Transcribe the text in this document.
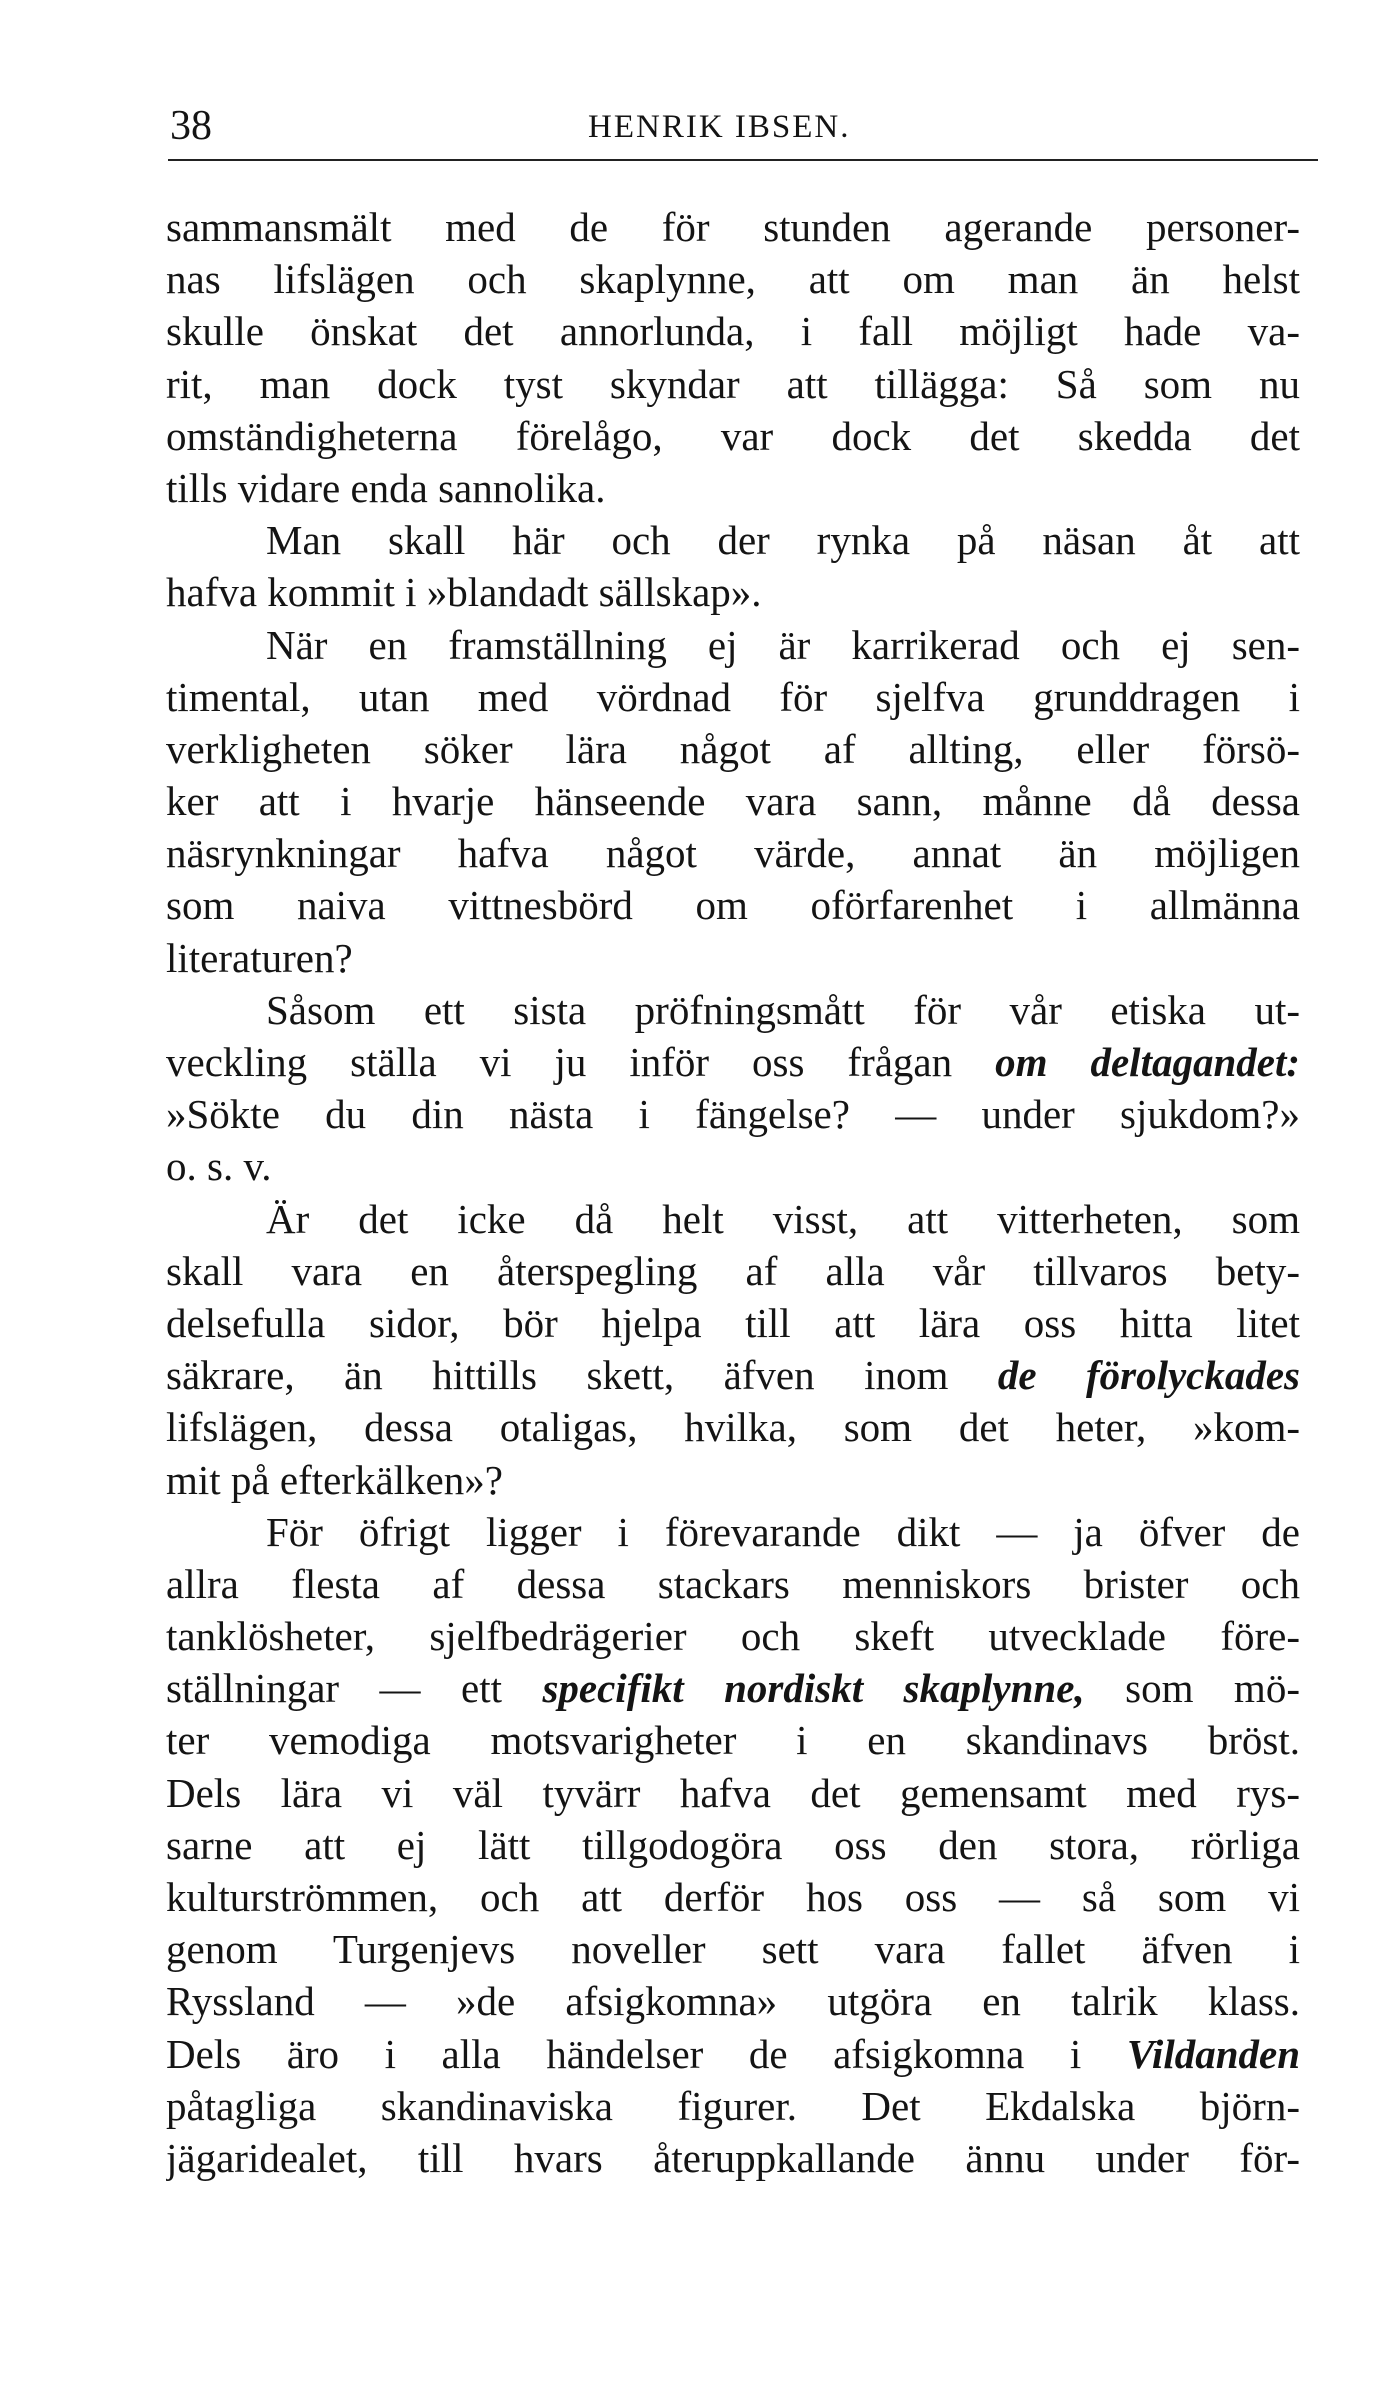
38	HENRIK IBSEN.
sammansmält med de för stunden agerande personer-
nas lifslägen och skaplynne, att om man än helst
skulle önskat det annorlunda, i fall möjligt hade va-
rit, man dock tyst skyndar att tillägga: Så som nu
omständigheterna förelågo, var dock det skedda det
tills vidare enda sannolika.
Man skall här och der rynka på näsan åt att
hafva kommit i »blandadt sällskap».
När en framställning ej är karrikerad och ej sen-
timental, utan med vördnad för sjelfva grunddragen i
verkligheten söker lära något af allting, eller försö-
ker att i hvarje hänseende vara sann, månne då dessa
näsrynkningar hafva något värde, annat än möjligen
som naiva vittnesbörd om oförfarenhet i allmänna
literaturen?
Såsom ett sista pröfningsmått för vår etiska ut-
veckling ställa vi ju inför oss frågan om deltagandet:
»Sökte du din nästa i fängelse? — under sjukdom?»
o. s. v.
Är det icke då helt visst, att vitterheten, som
skall vara en återspegling af alla vår tillvaros bety-
delsefulla sidor, bör hjelpa till att lära oss hitta litet
säkrare, än hittills skett, äfven inom de förolyckades
lifslägen, dessa otaligas, hvilka, som det heter, »kom-
mit på efterkälken»?
För öfrigt ligger i förevarande dikt — ja öfver de
allra flesta af dessa stackars menniskors brister och
tanklösheter, sjelfbedrägerier och skeft utvecklade före-
ställningar — ett specifikt nordiskt skaplynne, som mö-
ter vemodiga motsvarigheter i en skandinavs bröst.
Dels lära vi väl tyvärr hafva det gemensamt med rys-
sarne att ej lätt tillgodogöra oss den stora, rörliga
kulturströmmen, och att derför hos oss — så som vi
genom Turgenjevs noveller sett vara fallet äfven i
Ryssland — »de afsigkomna» utgöra en talrik klass.
Dels äro i alla händelser de afsigkomna i Vildanden
påtagliga skandinaviska figurer. Det Ekdalska björn-
jägaridealet, till hvars återuppkallande ännu under för-
